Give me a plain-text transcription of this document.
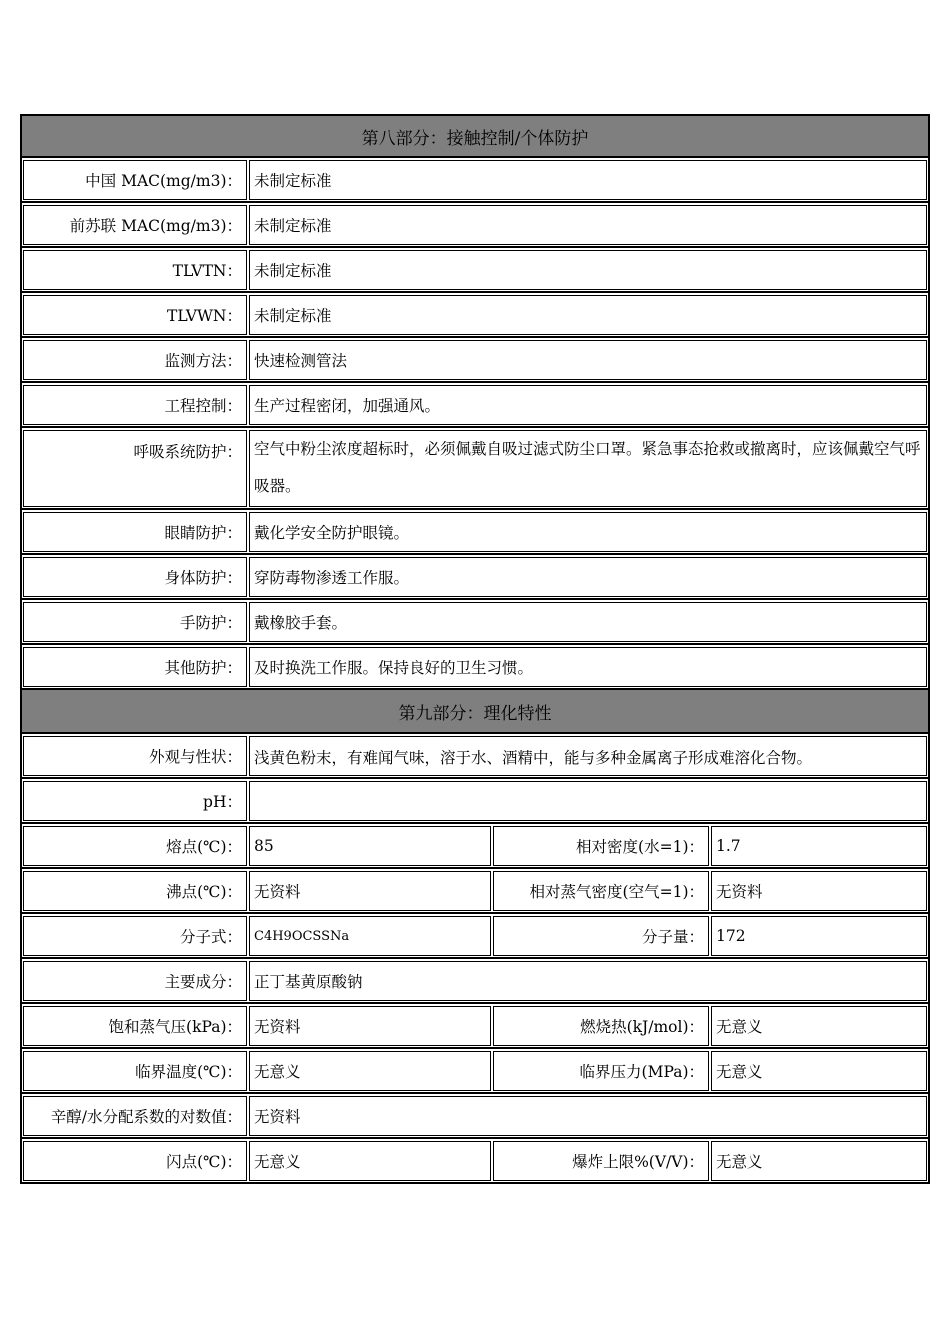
第八部分：接触控制/个体防护
中国 MAC(mg/m3)： 未制定标准
前苏联 MAC(mg/m3)： 未制定标准
TLVTN： 未制定标准
TLVWN： 未制定标准
监测方法： 快速检测管法
工程控制： 生产过程密闭，加强通风。
呼吸系统防护： 空气中粉尘浓度超标时，必须佩戴自吸过滤式防尘口罩。紧急事态抢救或撤离时，应该佩戴空气呼吸器。
眼睛防护： 戴化学安全防护眼镜。
身体防护： 穿防毒物渗透工作服。
手防护： 戴橡胶手套。
其他防护： 及时换洗工作服。保持良好的卫生习惯。
第九部分：理化特性
外观与性状： 浅黄色粉末，有难闻气味，溶于水、酒精中，能与多种金属离子形成难溶化合物。
pH：
熔点(℃)： 85	相对密度(水=1)： 1.7
沸点(℃)： 无资料	相对蒸气密度(空气=1)： 无资料
分子式： C4H9OCSSNa	分子量： 172
主要成分： 正丁基黄原酸钠
饱和蒸气压(kPa)： 无资料	燃烧热(kJ/mol)： 无意义
临界温度(℃)： 无意义	临界压力(MPa)： 无意义
辛醇/水分配系数的对数值： 无资料
闪点(℃)： 无意义	爆炸上限%(V/V)： 无意义
